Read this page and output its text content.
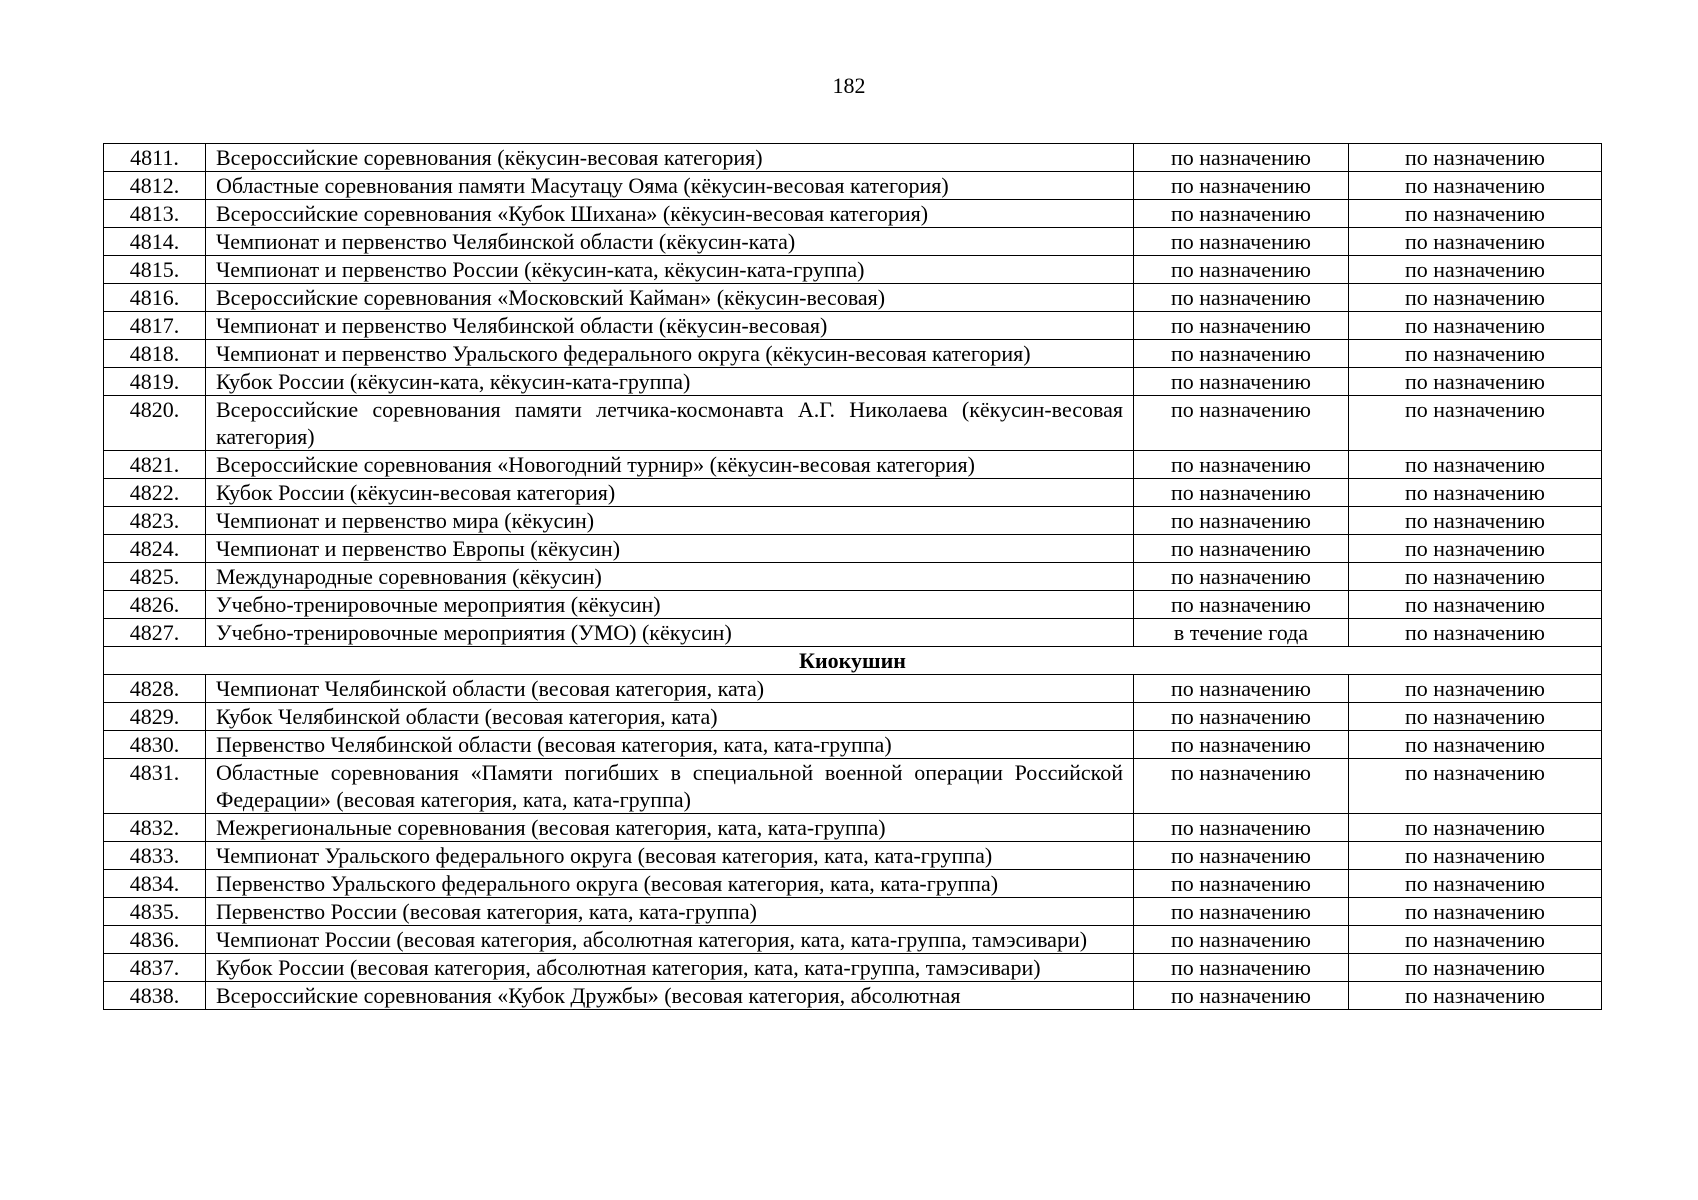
182
4811.	Всероссийские соревнования (кёкусин-весовая категория)	по назначению	по назначению
4812.	Областные соревнования памяти Масутацу Ояма (кёкусин-весовая категория)	по назначению	по назначению
4813.	Всероссийские соревнования «Кубок Шихана» (кёкусин-весовая категория)	по назначению	по назначению
4814.	Чемпионат и первенство Челябинской области (кёкусин-ката)	по назначению	по назначению
4815.	Чемпионат и первенство России (кёкусин-ката, кёкусин-ката-группа)	по назначению	по назначению
4816.	Всероссийские соревнования «Московский Кайман» (кёкусин-весовая)	по назначению	по назначению
4817.	Чемпионат и первенство Челябинской области (кёкусин-весовая)	по назначению	по назначению
4818.	Чемпионат и первенство Уральского федерального округа (кёкусин-весовая категория)	по назначению	по назначению
4819.	Кубок России (кёкусин-ката, кёкусин-ката-группа)	по назначению	по назначению
4820.	Всероссийские соревнования памяти летчика-космонавта А.Г. Николаева (кёкусин-весовая категория)	по назначению	по назначению
4821.	Всероссийские соревнования «Новогодний турнир» (кёкусин-весовая категория)	по назначению	по назначению
4822.	Кубок России (кёкусин-весовая категория)	по назначению	по назначению
4823.	Чемпионат и первенство мира (кёкусин)	по назначению	по назначению
4824.	Чемпионат и первенство Европы (кёкусин)	по назначению	по назначению
4825.	Международные соревнования (кёкусин)	по назначению	по назначению
4826.	Учебно-тренировочные мероприятия (кёкусин)	по назначению	по назначению
4827.	Учебно-тренировочные мероприятия (УМО) (кёкусин)	в течение года	по назначению
Киокушин			
4828.	Чемпионат Челябинской области (весовая категория, ката)	по назначению	по назначению
4829.	Кубок Челябинской области (весовая категория, ката)	по назначению	по назначению
4830.	Первенство Челябинской области (весовая категория, ката, ката-группа)	по назначению	по назначению
4831.	Областные соревнования «Памяти погибших в специальной военной операции Российской Федерации» (весовая категория, ката, ката-группа)	по назначению	по назначению
4832.	Межрегиональные соревнования (весовая категория, ката, ката-группа)	по назначению	по назначению
4833.	Чемпионат Уральского федерального округа (весовая категория, ката, ката-группа)	по назначению	по назначению
4834.	Первенство Уральского федерального округа (весовая категория, ката, ката-группа)	по назначению	по назначению
4835.	Первенство России (весовая категория, ката, ката-группа)	по назначению	по назначению
4836.	Чемпионат России (весовая категория, абсолютная категория, ката, ката-группа, тамэсивари)	по назначению	по назначению
4837.	Кубок России (весовая категория, абсолютная категория, ката, ката-группа, тамэсивари)	по назначению	по назначению
4838.	Всероссийские соревнования «Кубок Дружбы» (весовая категория, абсолютная	по назначению	по назначению
